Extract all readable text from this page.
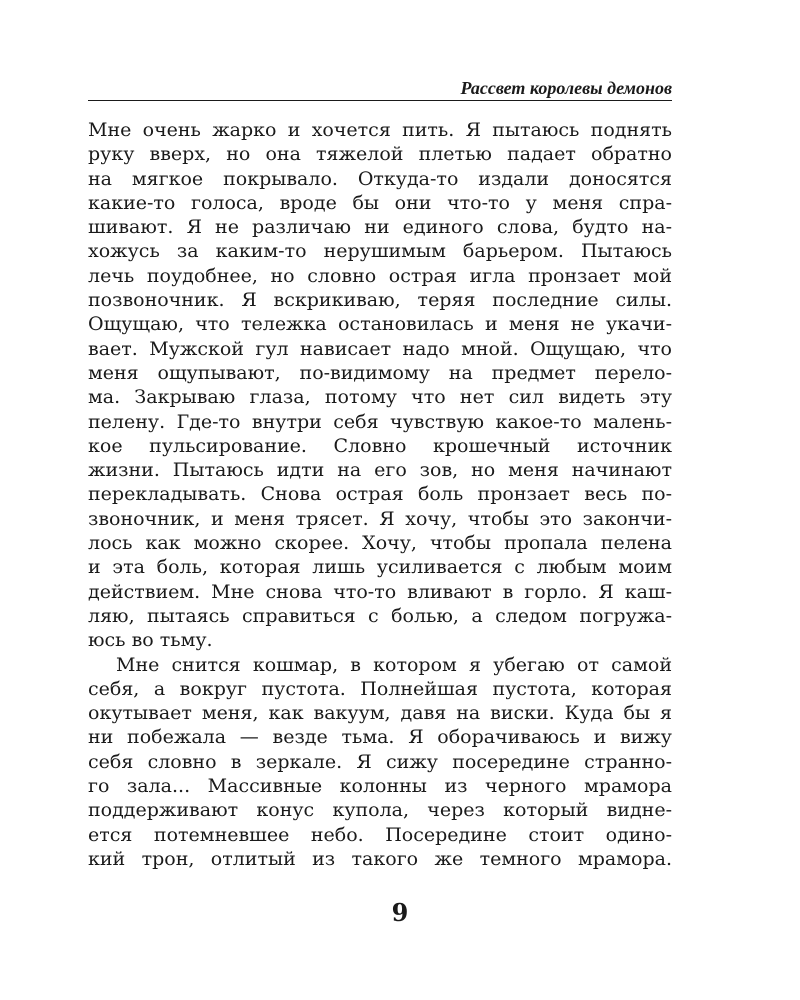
Рассвет королевы демонов

Мне очень жарко и хочется пить. Я пытаюсь поднять
руку вверх, но она тяжелой плетью падает обратно
на мягкое покрывало. Откуда-то издали доносятся
какие-то голоса, вроде бы они что-то у меня спра-
шивают. Я не различаю ни единого слова, будто на-
хожусь за каким-то нерушимым барьером. Пытаюсь
лечь поудобнее, но словно острая игла пронзает мой
позвоночник. Я вскрикиваю, теряя последние силы.
Ощущаю, что тележка остановилась и меня не укачи-
вает. Мужской гул нависает надо мной. Ощущаю, что
меня ощупывают, по-видимому на предмет перело-
ма. Закрываю глаза, потому что нет сил видеть эту
пелену. Где-то внутри себя чувствую какое-то малень-
кое пульсирование. Словно крошечный источник
жизни. Пытаюсь идти на его зов, но меня начинают
перекладывать. Снова острая боль пронзает весь по-
звоночник, и меня трясет. Я хочу, чтобы это закончи-
лось как можно скорее. Хочу, чтобы пропала пелена
и эта боль, которая лишь усиливается с любым моим
действием. Мне снова что-то вливают в горло. Я каш-
ляю, пытаясь справиться с болью, а следом погружа-
юсь во тьму.

Мне снится кошмар, в котором я убегаю от самой
себя, а вокруг пустота. Полнейшая пустота, которая
окутывает меня, как вакуум, давя на виски. Куда бы я
ни побежала — везде тьма. Я оборачиваюсь и вижу
себя словно в зеркале. Я сижу посередине странно-
го зала... Массивные колонны из черного мрамора
поддерживают конус купола, через который виднe-
ется потемневшее небо. Посередине стоит одино-
кий трон, отлитый из такого же темного мрамора.

9
